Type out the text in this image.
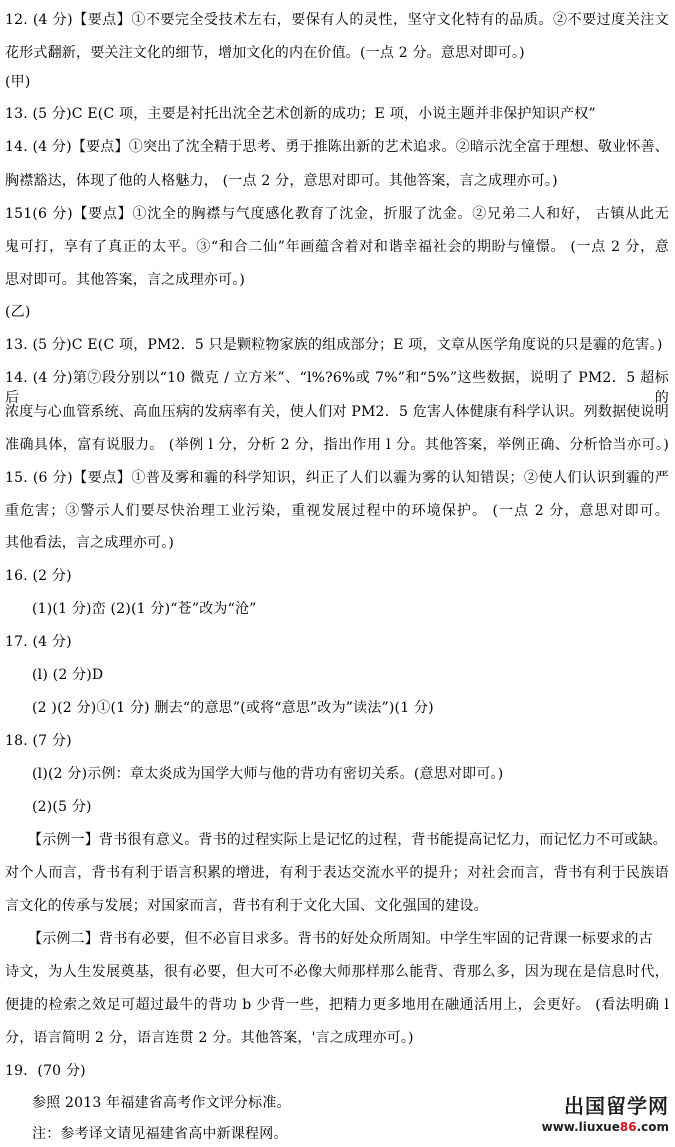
12. (4 分)【要点】①不要完全受技术左右，要保有人的灵性，坚守文化特有的品质。②不要过度关注文

花形式翻新，要关注文化的细节，增加文化的内在价值。(一点 2 分。意思对即可。)

(甲)

13. (5 分)C E(C 项，主要是衬托出沈全艺术创新的成功；E 项，小说主题并非保护知识产权”

14. (4 分)【要点】①突出了沈全精于思考、勇于推陈出新的艺术追求。②暗示沈全富于理想、敬业怀善、

胸襟豁达，体现了他的人格魅力， (一点 2 分，意思对即可。其他答案，言之成理亦可。)

151(6 分)【要点】①沈全的胸襟与气度感化教育了沈金，折服了沈金。②兄弟二人和好， 古镇从此无

鬼可打，享有了真正的太平。③“和合二仙”年画蕴含着对和谐幸福社会的期盼与憧憬。 (一点 2 分，意

思对即可。其他答案，言之成理亦可。)

(乙)

13. (5 分)C E(C 项，PM2．5 只是颗粒物家族的组成部分；E 项，文章从医学角度说的只是霾的危害。)

14. (4 分)第⑦段分别以“10 微克 / 立方米”、“l%?6%或 7%”和“5%”这些数据，说明了 PM2．5 超标后的

浓度与心血管系统、高血压病的发病率有关，使人们对 PM2．5 危害人体健康有科学认识。列数据使说明

准确具体，富有说服力。 (举例 l 分，分析 2 分，指出作用 l 分。其他答案，举例正确、分析恰当亦可。)

15. (6 分)【要点】①普及雾和霾的科学知识，纠正了人们以霾为雾的认知错误；②使人们认识到霾的严

重危害；③警示人们要尽快治理工业污染，重视发展过程中的环境保护。 (一点 2 分，意思对即可。

其他看法，言之成理亦可。)

16. (2 分)

(1)(1 分)峦 (2)(1 分)“苍”改为“沧”

17. (4 分)

(l) (2 分)D

(2 )(2 分)①(1 分) 删去“的意思”(或将“意思”改为”读法”)(1 分)

18. (7 分)

(l)(2 分)示例：章太炎成为国学大师与他的背功有密切关系。(意思对即可。)

(2)(5 分)

【示例一】背书很有意义。背书的过程实际上是记忆的过程，背书能提高记忆力，而记忆力不可或缺。

对个人而言，背书有利于语言积累的增进，有利于表达交流水平的提升；对社会而言，背书有利于民族语

言文化的传承与发展；对国家而言，背书有利于文化大国、文化强国的建设。

【示例二】背书有必要，但不必盲目求多。背书的好处众所周知。中学生牢固的记背课一标要求的古

诗文，为人生发展奠基，很有必要，但大可不必像大师那样那么能背、背那么多，因为现在是信息时代，

便捷的检索之效足可超过最牛的背功 b 少背一些，把精力更多地用在融通活用上，会更好。 (看法明确 l

分，语言简明 2 分，语言连贯 2 分。其他答案，'言之成理亦可。)

19．(70 分)

参照 2013 年福建省高考作文评分标准。

注：参考译文请见福建省高中新课程网。

出国留学网
www.liuxue86.com
